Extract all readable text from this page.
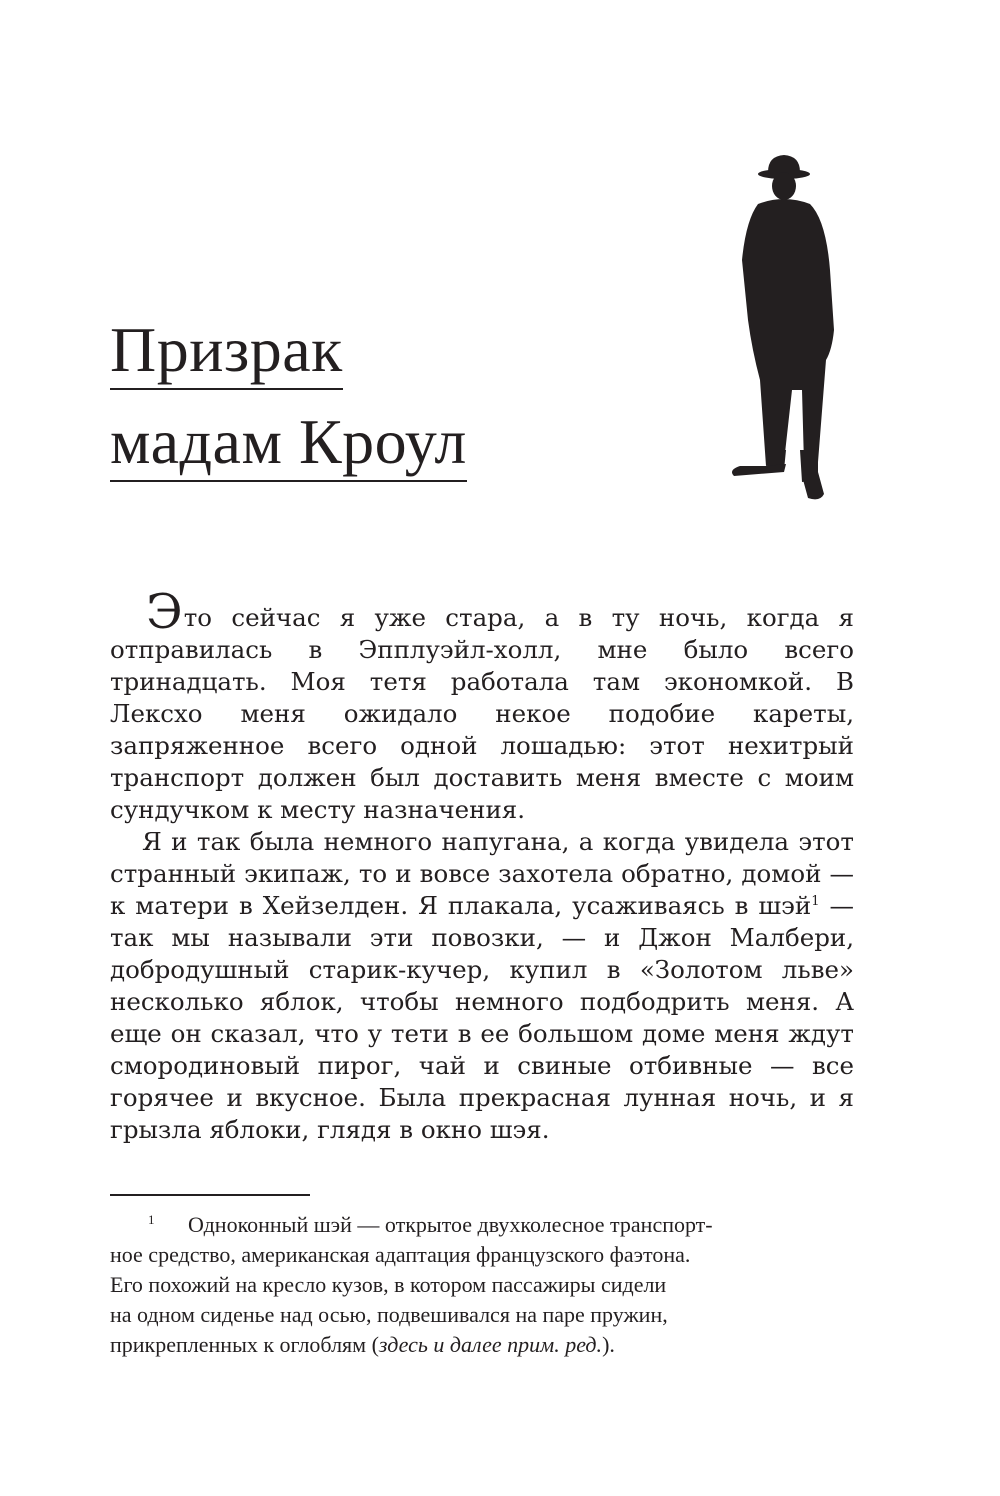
Призрак
мадам Кроул

Это сейчас я уже стара, а в ту ночь, когда я отправилась в Эпплуэйл-холл, мне было всего тринадцать. Моя тетя работала там экономкой. В Лексхо меня ожидало некое подобие кареты, запряженное всего одной лошадью: этот нехитрый транспорт должен был доставить меня вместе с моим сундучком к месту назначения.

Я и так была немного напугана, а когда увидела этот странный экипаж, то и вовсе захотела обратно, домой — к матери в Хейзелден. Я плакала, усаживаясь в шэй$^1$ — так мы называли эти повозки, — и Джон Малбери, добродушный старик-кучер, купил в «Золотом льве» несколько яблок, чтобы немного подбодрить меня. А еще он сказал, что у тети в ее большом доме меня ждут смородиновый пирог, чай и свиные отбивные — все горячее и вкусное. Была прекрасная лунная ночь, и я грызла яблоки, глядя в окно шэя.

1 Одноконный шэй — открытое двухколесное транспорт-
ное средство, американская адаптация французского фаэтона.
Его похожий на кресло кузов, в котором пассажиры сидели
на одном сиденье над осью, подвешивался на паре пружин,
прикрепленных к оглоблям (здесь и далее прим. ред.).
